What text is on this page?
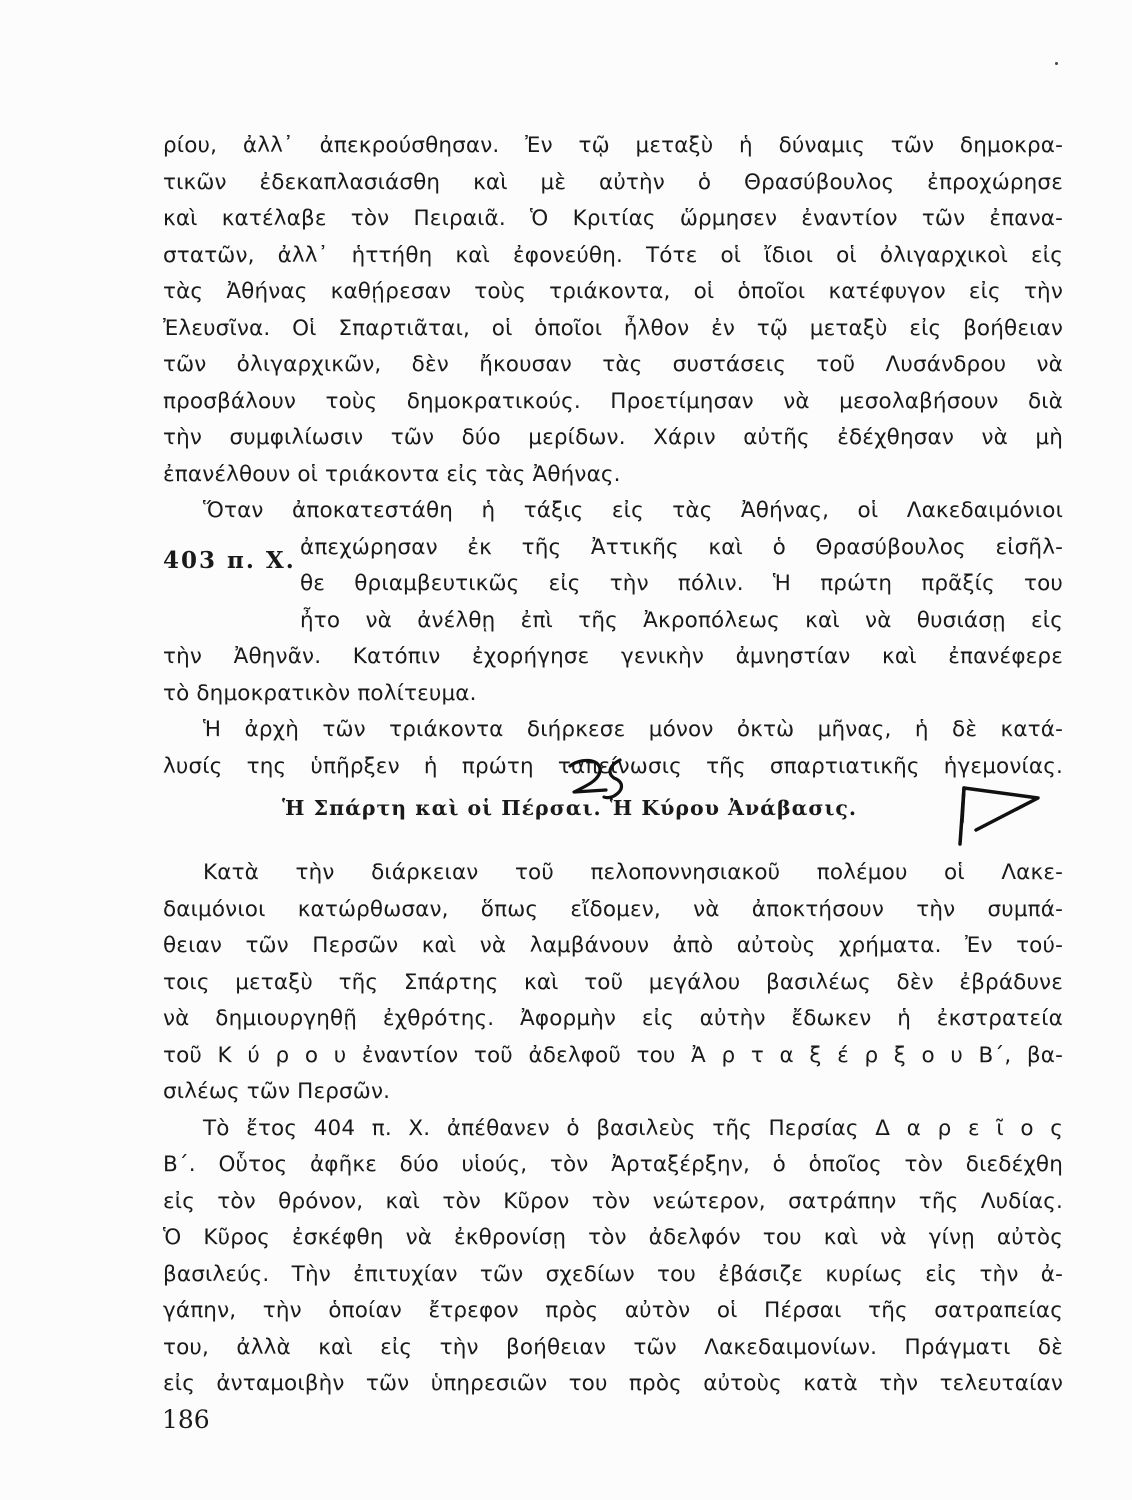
ρίου, ἀλλ᾽ ἀπεκρούσθησαν. Ἐν τῷ μεταξὺ ἡ δύναμις τῶν δημοκρα-
τικῶν ἐδεκαπλασιάσθη καὶ μὲ αὐτὴν ὁ Θρασύβουλος ἐπροχώρησε
καὶ κατέλαβε τὸν Πειραιᾶ. Ὁ Κριτίας ὥρμησεν ἐναντίον τῶν ἐπανα-
στατῶν, ἀλλ᾽ ἡττήθη καὶ ἐφονεύθη. Τότε οἱ ἴδιοι οἱ ὀλιγαρχικοὶ εἰς
τὰς Ἀθήνας καθῄρεσαν τοὺς τριάκοντα, οἱ ὁποῖοι κατέφυγον εἰς τὴν
Ἐλευσῖνα. Οἱ Σπαρτιᾶται, οἱ ὁποῖοι ἦλθον ἐν τῷ μεταξὺ εἰς βοήθειαν
τῶν ὀλιγαρχικῶν, δὲν ἤκουσαν τὰς συστάσεις τοῦ Λυσάνδρου νὰ
προσβάλουν τοὺς δημοκρατικούς. Προετίμησαν νὰ μεσολαβήσουν διὰ
τὴν συμφιλίωσιν τῶν δύο μερίδων. Χάριν αὐτῆς ἐδέχθησαν νὰ μὴ
ἐπανέλθουν οἱ τριάκοντα εἰς τὰς Ἀθήνας.
Ὅταν ἀποκατεστάθη ἡ τάξις εἰς τὰς Ἀθήνας, οἱ Λακεδαιμόνιοι
ἀπεχώρησαν ἐκ τῆς Ἀττικῆς καὶ ὁ Θρασύβουλος εἰσῆλ-
θε θριαμβευτικῶς εἰς τὴν πόλιν. Ἡ πρώτη πρᾶξίς του
ἦτο νὰ ἀνέλθῃ ἐπὶ τῆς Ἀκροπόλεως καὶ νὰ θυσιάσῃ εἰς
τὴν Ἀθηνᾶν. Κατόπιν ἐχορήγησε γενικὴν ἀμνηστίαν καὶ ἐπανέφερε
τὸ δημοκρατικὸν πολίτευμα.
Ἡ ἀρχὴ τῶν τριάκοντα διήρκεσε μόνον ὀκτὼ μῆνας, ἡ δὲ κατά-
λυσίς της ὑπῆρξεν ἡ πρώτη ταπείνωσις τῆς σπαρτιατικῆς ἡγεμονίας.
403 π. Χ.
Ἡ Σπάρτη καὶ οἱ Πέρσαι. Ἡ Κύρου Ἀνάβασις.
Κατὰ τὴν διάρκειαν τοῦ πελοποννησιακοῦ πολέμου οἱ Λακε-
δαιμόνιοι κατώρθωσαν, ὅπως εἴδομεν, νὰ ἀποκτήσουν τὴν συμπά-
θειαν τῶν Περσῶν καὶ νὰ λαμβάνουν ἀπὸ αὐτοὺς χρήματα. Ἐν τού-
τοις μεταξὺ τῆς Σπάρτης καὶ τοῦ μεγάλου βασιλέως δὲν ἐβράδυνε
νὰ δημιουργηθῇ ἐχθρότης. Ἀφορμὴν εἰς αὐτὴν ἔδωκεν ἡ ἐκστρατεία
τοῦ Κ ύ ρ ο υ ἐναντίον τοῦ ἀδελφοῦ του Ἀ ρ τ α ξ έ ρ ξ ο υ Β΄, βα-
σιλέως τῶν Περσῶν.
Τὸ ἔτος 404 π. Χ. ἀπέθανεν ὁ βασιλεὺς τῆς Περσίας Δ α ρ ε ῖ ο ς
Β΄. Οὗτος ἀφῆκε δύο υἱούς, τὸν Ἀρταξέρξην, ὁ ὁποῖος τὸν διεδέχθη
εἰς τὸν θρόνον, καὶ τὸν Κῦρον τὸν νεώτερον, σατράπην τῆς Λυδίας.
Ὁ Κῦρος ἐσκέφθη νὰ ἐκθρονίσῃ τὸν ἀδελφόν του καὶ νὰ γίνῃ αὐτὸς
βασιλεύς. Τὴν ἐπιτυχίαν τῶν σχεδίων του ἐβάσιζε κυρίως εἰς τὴν ἀ-
γάπην, τὴν ὁποίαν ἔτρεφον πρὸς αὐτὸν οἱ Πέρσαι τῆς σατραπείας
του, ἀλλὰ καὶ εἰς τὴν βοήθειαν τῶν Λακεδαιμονίων. Πράγματι δὲ
εἰς ἀνταμοιβὴν τῶν ὑπηρεσιῶν του πρὸς αὐτοὺς κατὰ τὴν τελευταίαν
186
